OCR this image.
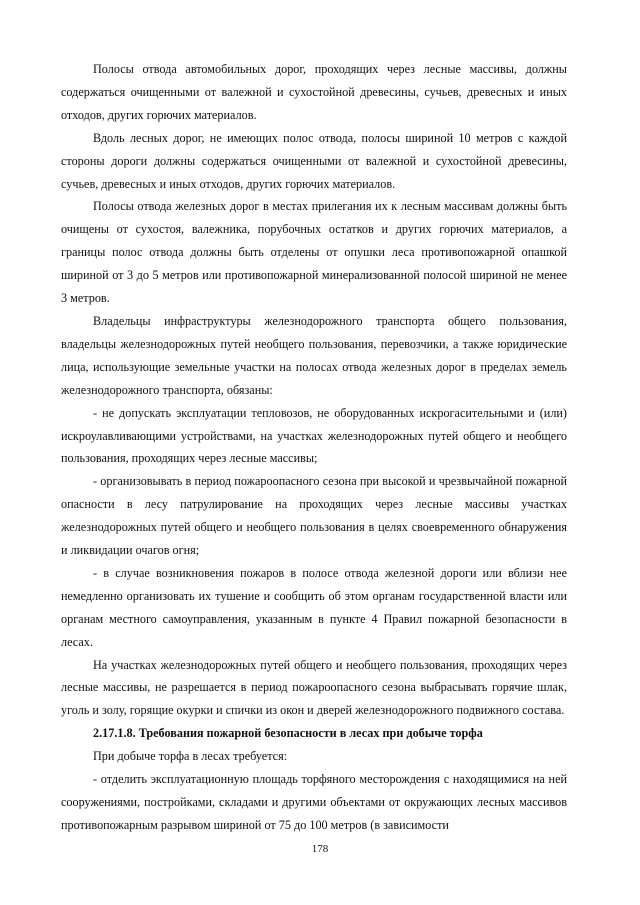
Полосы отвода автомобильных дорог, проходящих через лесные массивы, должны содержаться очищенными от валежной и сухостойной древесины, сучьев, древесных и иных отходов, других горючих материалов.

Вдоль лесных дорог, не имеющих полос отвода, полосы шириной 10 метров с каждой стороны дороги должны содержаться очищенными от валежной и сухостойной древесины, сучьев, древесных и иных отходов, других горючих материалов.

Полосы отвода железных дорог в местах прилегания их к лесным массивам должны быть очищены от сухостоя, валежника, порубочных остатков и других горючих материалов, а границы полос отвода должны быть отделены от опушки леса противопожарной опашкой шириной от 3 до 5 метров или противопожарной минерализованной полосой шириной не менее 3 метров.

Владельцы инфраструктуры железнодорожного транспорта общего пользования, владельцы железнодорожных путей необщего пользования, перевозчики, а также юридические лица, использующие земельные участки на полосах отвода железных дорог в пределах земель железнодорожного транспорта, обязаны:

- не допускать эксплуатации тепловозов, не оборудованных искрогасительными и (или) искроулавливающими устройствами, на участках железнодорожных путей общего и необщего пользования, проходящих через лесные массивы;

- организовывать в период пожароопасного сезона при высокой и чрезвычайной пожарной опасности в лесу патрулирование на проходящих через лесные массивы участках железнодорожных путей общего и необщего пользования в целях своевременного обнаружения и ликвидации очагов огня;

- в случае возникновения пожаров в полосе отвода железной дороги или вблизи нее немедленно организовать их тушение и сообщить об этом органам государственной власти или органам местного самоуправления, указанным в пункте 4 Правил пожарной безопасности в лесах.

На участках железнодорожных путей общего и необщего пользования, проходящих через лесные массивы, не разрешается в период пожароопасного сезона выбрасывать горячие шлак, уголь и золу, горящие окурки и спички из окон и дверей железнодорожного подвижного состава.

2.17.1.8. Требования пожарной безопасности в лесах при добыче торфа

При добыче торфа в лесах требуется:

- отделить эксплуатационную площадь торфяного месторождения с находящимися на ней сооружениями, постройками, складами и другими объектами от окружающих лесных массивов противопожарным разрывом шириной от 75 до 100 метров (в зависимости

178
